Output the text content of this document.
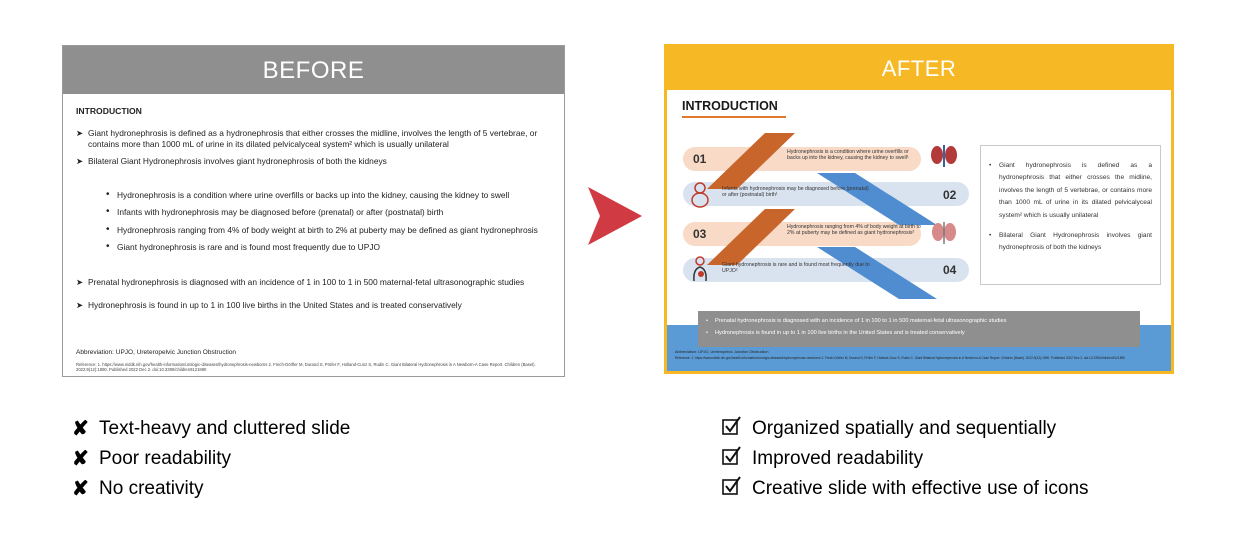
BEFORE
INTRODUCTION
➤ Giant hydronephrosis is defined as a hydronephrosis that either crosses the midline, involves the length of 5 vertebrae, or contains more than 1000 mL of urine in its dilated pelvicalyceal system² which is usually unilateral
➤ Bilateral Giant Hydronephrosis involves giant hydronephrosis of both the kidneys
• Hydronephrosis is a condition where urine overfills or backs up into the kidney, causing the kidney to swell
• Infants with hydronephrosis may be diagnosed before (prenatal) or after (postnatal) birth
• Hydronephrosis ranging from 4% of body weight at birth to 2% at puberty may be defined as giant hydronephrosis
• Giant hydronephrosis is rare and is found most frequently due to UPJO
➤ Prenatal hydronephrosis is diagnosed with an incidence of 1 in 100 to 1 in 500 maternal-fetal ultrasonographic studies
➤ Hydronephrosis is found in up to 1 in 100 live births in the United States and is treated conservatively
Abbreviation: UPJO, Ureteropelvic Junction Obstruction
Reference: 1. https://www.niddk.nih.gov/health-information/urologic-diseases/hydronephrosis-newborns 2. Frech-Dörfler M, Durand S, Prüfer F, Holland-Cunz S, Rudin C. Giant Bilateral Hydronephrosis in A Newborn-A Case Report. Children (Basel). 2022;9(12):1890. Published 2022 Dec 2. doi:10.3390/children9121890
AFTER
INTRODUCTION
01
02
03
04
Hydronephrosis is a condition where urine overfills or backs up into the kidney, causing the kidney to swell¹
Infants with hydronephrosis may be diagnosed before (prenatal) or after (postnatal) birth¹
Hydronephrosis ranging from 4% of body weight at birth to 2% at puberty may be defined as giant hydronephrosis²
Giant hydronephrosis is rare and is found most frequently due to UPJO²
• Giant hydronephrosis is defined as a hydronephrosis that either crosses the midline, involves the length of 5 vertebrae, or contains more than 1000 mL of urine in its dilated pelvicalyceal system² which is usually unilateral
• Bilateral Giant Hydronephrosis involves giant hydronephrosis of both the kidneys
• Prenatal hydronephrosis is diagnosed with an incidence of 1 in 100 to 1 in 500 maternal-fetal ultrasonographic studies
• Hydronephrosis is found in up to 1 in 100 live births in the United States and is treated conservatively
Abbreviation: UPJO, Ureteropelvic Junction Obstruction
Reference: 1. https://www.niddk.nih.gov/health-information/urologic-diseases/hydronephrosis-newborns 2. Frech-Dörfler M, Durand S, Prüfer F, Holland-Cunz S, Rudin C. Giant Bilateral Hydronephrosis in A Newborn-A Case Report. Children (Basel). 2022;9(12):1890. Published 2022 Dec 2. doi:10.3390/children9121890
✘ Text-heavy and cluttered slide
✘ Poor readability
✘ No creativity
Organized spatially and sequentially
Improved readability
Creative slide with effective use of icons
